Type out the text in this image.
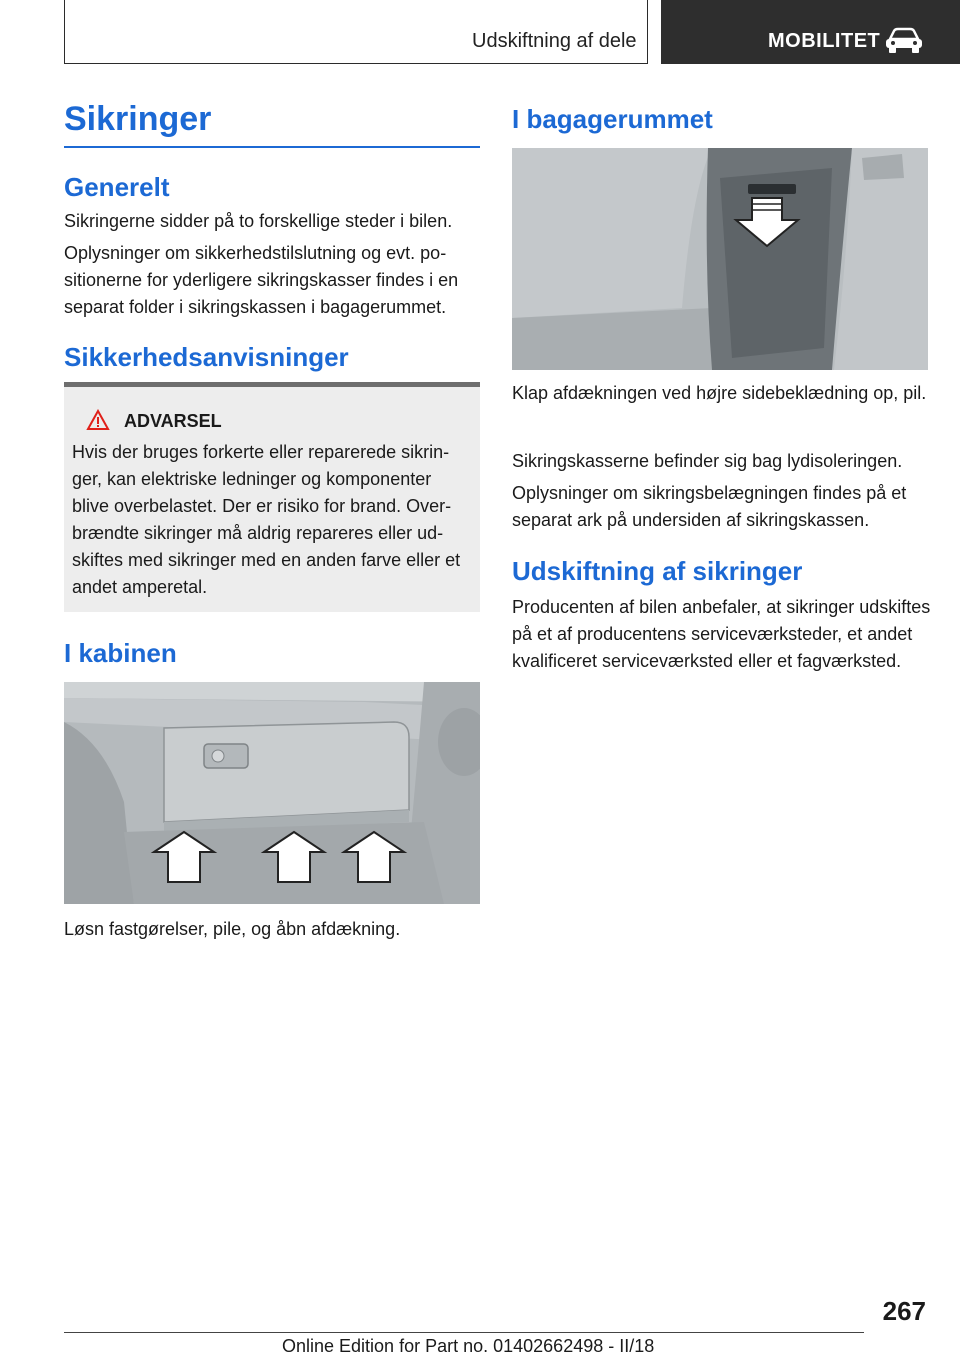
Udskiftning af dele	MOBILITET
Sikringer
Generelt

Sikringerne sidder på to forskellige steder i bilen.

Oplysninger om sikkerhedstilslutning og evt. positionerne for yderligere sikringskasser findes i en separat folder i sikringskassen i bagagerummet.

Sikkerhedsanvisninger
ADVARSEL

Hvis der bruges forkerte eller reparerede sikringer, kan elektriske ledninger og komponenter blive overbelastet. Der er risiko for brand. Overbrændte sikringer må aldrig repareres eller udskiftes med sikringer med en anden farve eller et andet amperetal.

I kabinen

Løsn fastgørelser, pile, og åbn afdækning.

I bagagerummet

Klap afdækningen ved højre sidebeklædning op, pil.

Sikringskasserne befinder sig bag lydisoleringen.

Oplysninger om sikringsbelægningen findes på et separat ark på undersiden af sikringskassen.

Udskiftning af sikringer

Producenten af bilen anbefaler, at sikringer udskiftes på et af producentens serviceværksteder, et andet kvalificeret serviceværksted eller et fagværksted.

267
Online Edition for Part no. 01402662498 - II/18
